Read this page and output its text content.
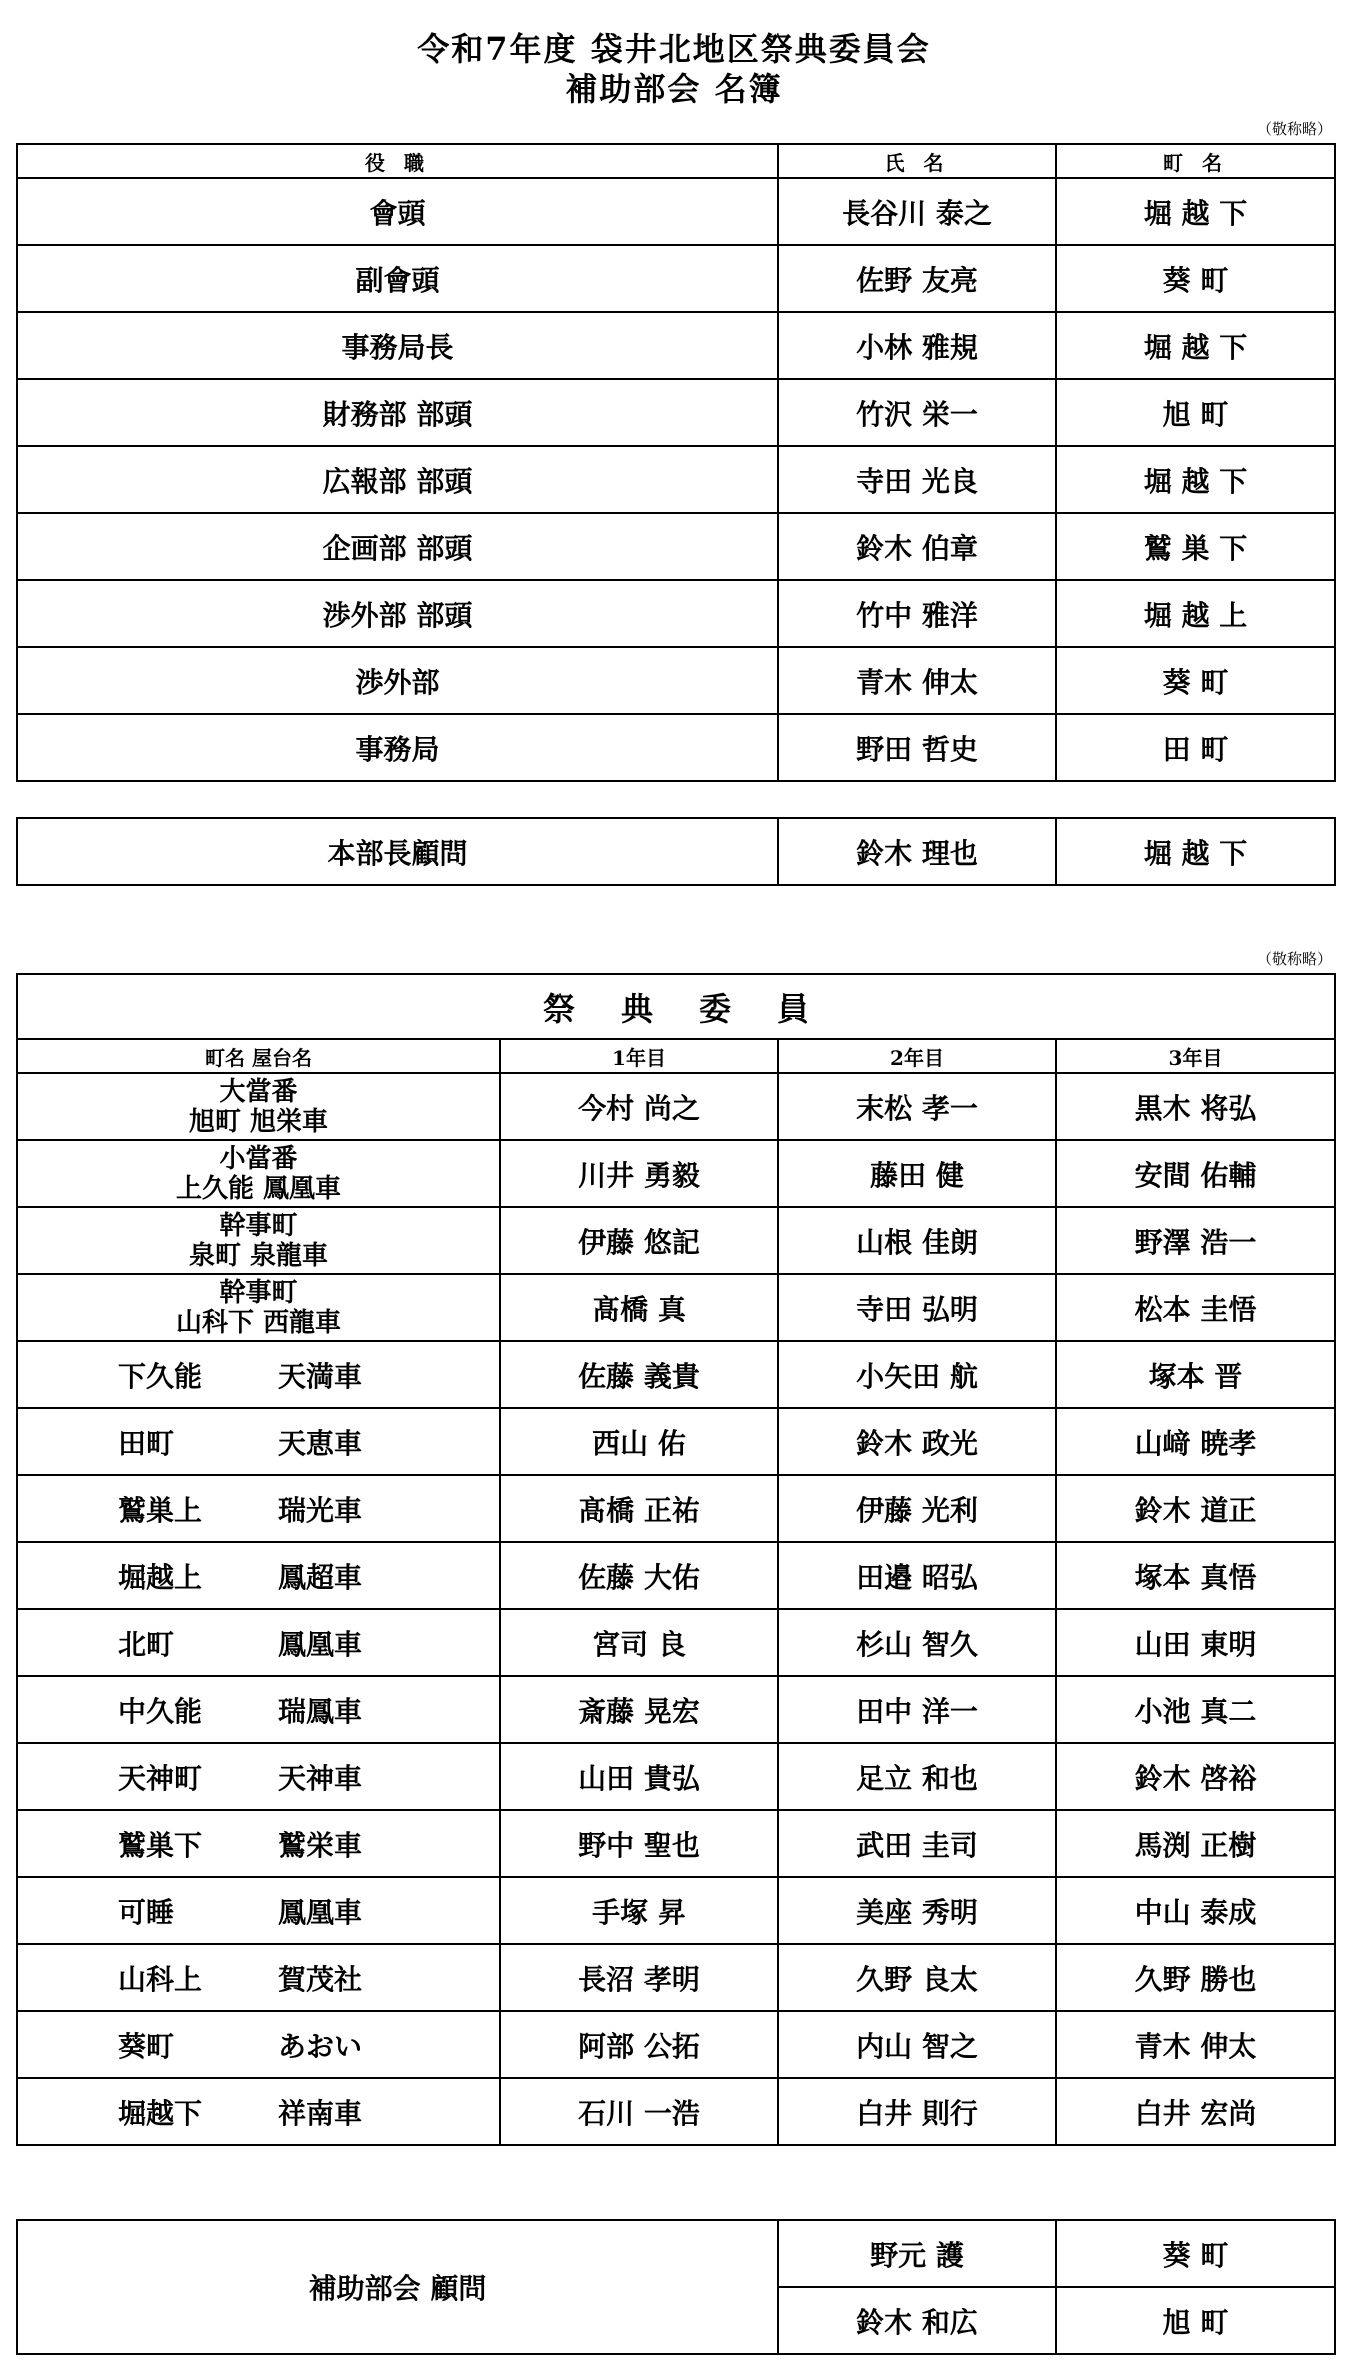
令和7年度 袋井北地区祭典委員会
補助部会 名簿
（敬称略）
役 職	氏 名	町 名
會頭	長谷川 泰之	堀 越 下
副會頭	佐野 友亮	葵 町
事務局長	小林 雅規	堀 越 下
財務部 部頭	竹沢 栄一	旭 町
広報部 部頭	寺田 光良	堀 越 下
企画部 部頭	鈴木 伯章	鷲 巣 下
渉外部 部頭	竹中 雅洋	堀 越 上
渉外部	青木 伸太	葵 町
事務局	野田 哲史	田 町
本部長顧問	鈴木 理也	堀 越 下
（敬称略）
祭典委員			
町名 屋台名	1年目	2年目	3年目

大當番
旭町 旭栄車	今村 尚之	末松 孝一	黒木 将弘

小當番
上久能 鳳凰車	川井 勇毅	藤田 健	安間 佑輔

幹事町
泉町 泉龍車	伊藤 悠記	山根 佳朗	野澤 浩一

幹事町
山科下 西龍車	髙橋 真	寺田 弘明	松本 圭悟
下久能 天満車	佐藤 義貴	小矢田 航	塚本 晋
田町 天恵車	西山 佑	鈴木 政光	山﨑 暁孝
鷲巣上 瑞光車	髙橋 正祐	伊藤 光利	鈴木 道正
堀越上 鳳超車	佐藤 大佑	田邉 昭弘	塚本 真悟
北町 鳳凰車	宮司 良	杉山 智久	山田 東明
中久能 瑞鳳車	斎藤 晃宏	田中 洋一	小池 真二
天神町 天神車	山田 貴弘	足立 和也	鈴木 啓裕
鷲巣下 鷲栄車	野中 聖也	武田 圭司	馬渕 正樹
可睡 鳳凰車	手塚 昇	美座 秀明	中山 泰成
山科上 賀茂社	長沼 孝明	久野 良太	久野 勝也
葵町 あおい	阿部 公拓	内山 智之	青木 伸太
堀越下 祥南車	石川 一浩	白井 則行	白井 宏尚
補助部会 顧問	野元 護	葵 町
	鈴木 和広	旭 町
